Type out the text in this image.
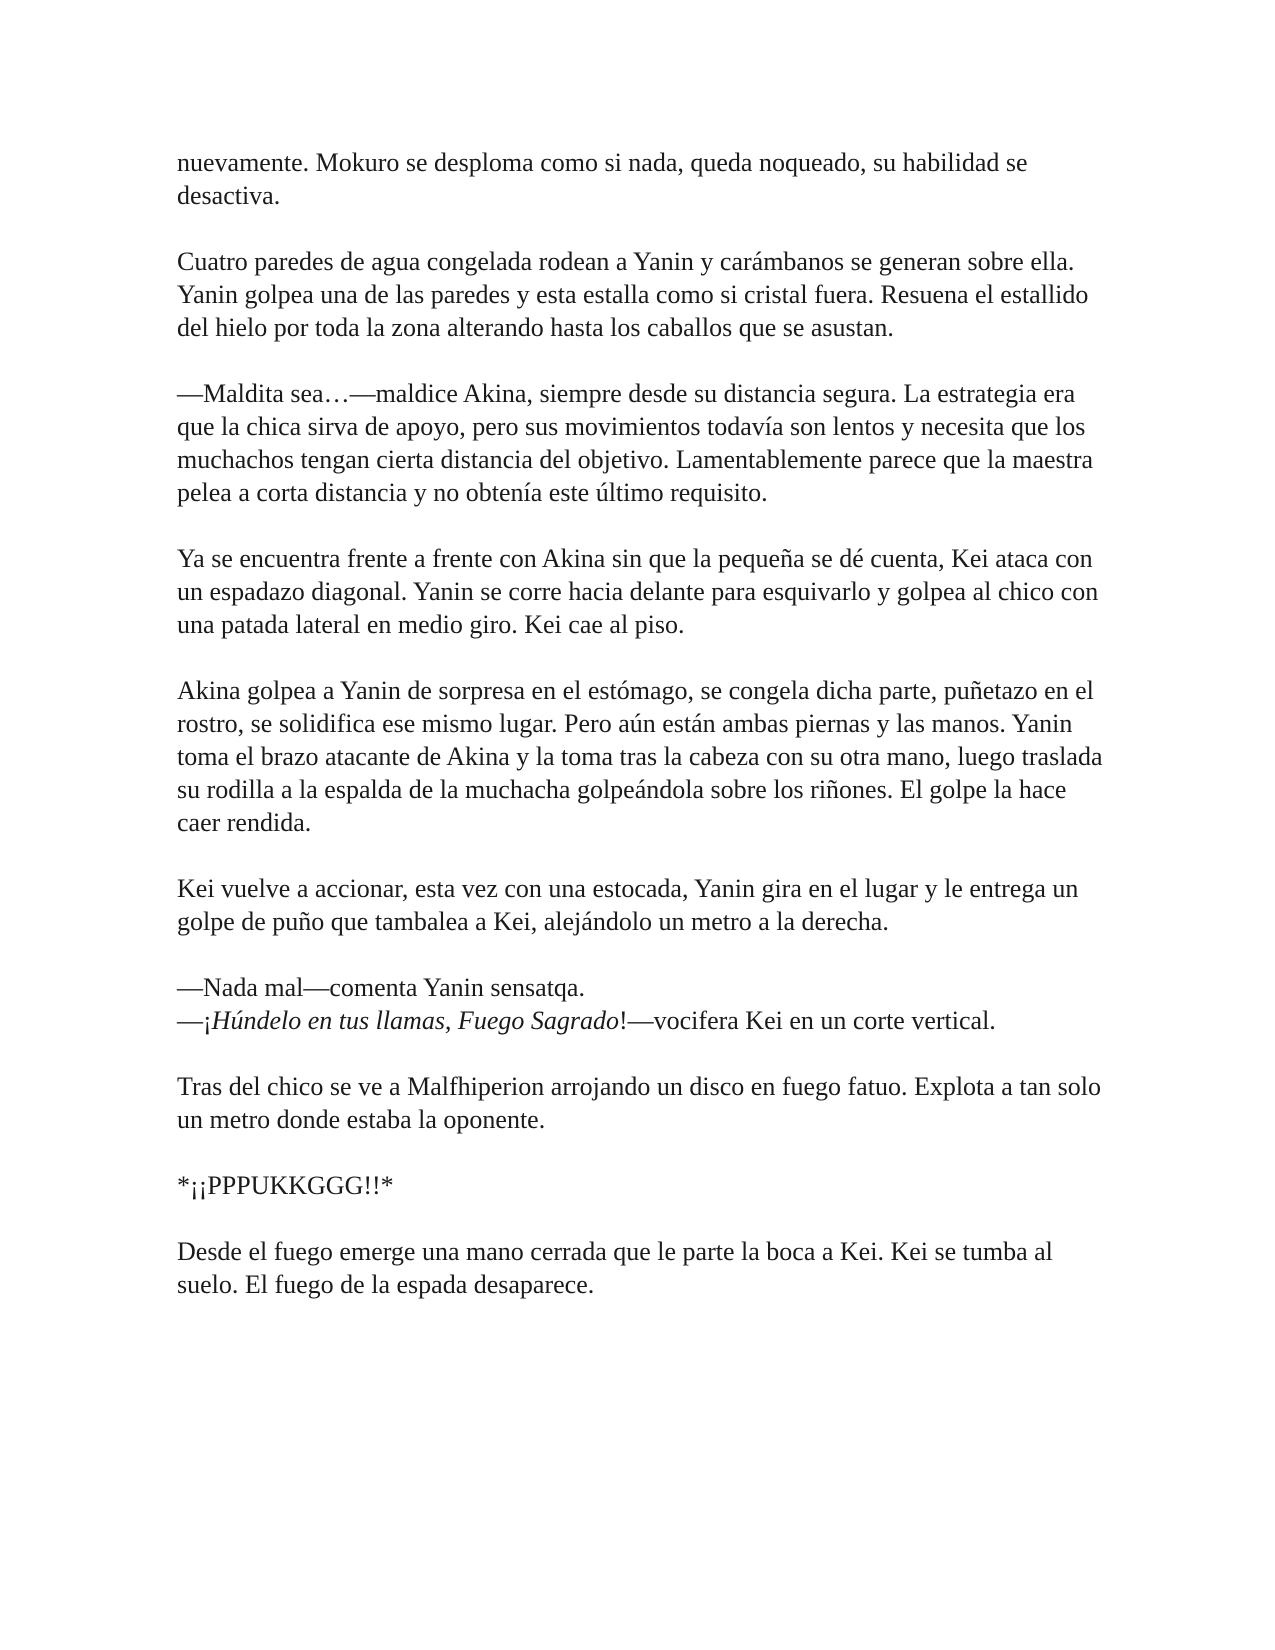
nuevamente. Mokuro se desploma como si nada, queda noqueado, su habilidad se desactiva.

Cuatro paredes de agua congelada rodean a Yanin y carámbanos se generan sobre ella. Yanin golpea una de las paredes y esta estalla como si cristal fuera. Resuena el estallido del hielo por toda la zona alterando hasta los caballos que se asustan.

—Maldita sea…—maldice Akina, siempre desde su distancia segura. La estrategia era que la chica sirva de apoyo, pero sus movimientos todavía son lentos y necesita que los muchachos tengan cierta distancia del objetivo. Lamentablemente parece que la maestra pelea a corta distancia y no obtenía este último requisito.

Ya se encuentra frente a frente con Akina sin que la pequeña se dé cuenta, Kei ataca con un espadazo diagonal. Yanin se corre hacia delante para esquivarlo y golpea al chico con una patada lateral en medio giro. Kei cae al piso.

Akina golpea a Yanin de sorpresa en el estómago, se congela dicha parte, puñetazo en el rostro, se solidifica ese mismo lugar. Pero aún están ambas piernas y las manos. Yanin toma el brazo atacante de Akina y la toma tras la cabeza con su otra mano, luego traslada su rodilla a la espalda de la muchacha golpeándola sobre los riñones. El golpe la hace caer rendida.

Kei vuelve a accionar, esta vez con una estocada, Yanin gira en el lugar y le entrega un golpe de puño que tambalea a Kei, alejándolo un metro a la derecha.

—Nada mal—comenta Yanin sensatqa.

—¡Húndelo en tus llamas, Fuego Sagrado!—vocifera Kei en un corte vertical.

Tras del chico se ve a Malfhiperion arrojando un disco en fuego fatuo. Explota a tan solo un metro donde estaba la oponente.

*¡¡PPPUKKGGG!!*

Desde el fuego emerge una mano cerrada que le parte la boca a Kei. Kei se tumba al suelo. El fuego de la espada desaparece.
